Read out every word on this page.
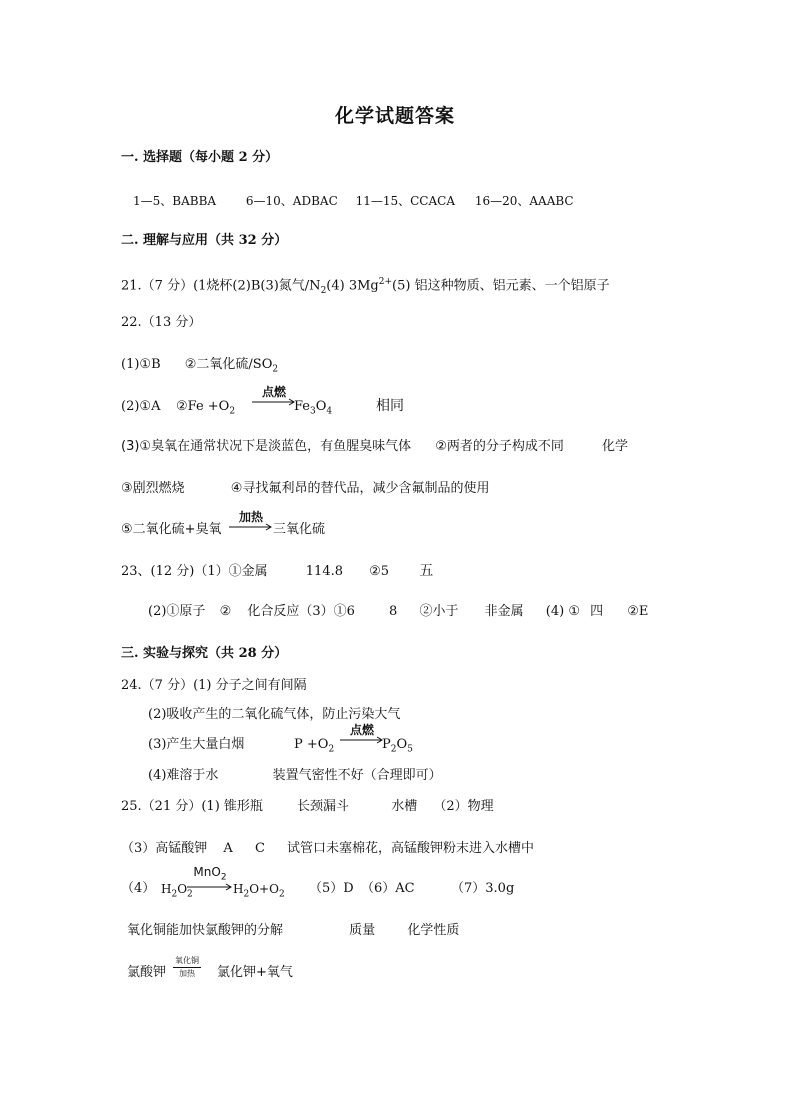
化学试题答案
一. 选择题（每小题 2 分）
1—5、BABBA 6—10、ADBAC 11—15、CCACA 16—20、AAABC
二. 理解与应用（共 32 分）
21.（7 分）(1烧杯(2)B(3)氮气$/N_2(4)$ $3Mg^{2+}(5)$ 铝这种物质、铝元素、一个铝原子
22.（13 分）
(1)①B ②二氧化硫$/SO_2$
(2)①A ②Fe $+O_2$
点燃
$Fe_3O_4$	相同
(3)①臭氧在通常状况下是淡蓝色，有鱼腥臭味气体 ②两者的分子构成不同	化学
③剧烈燃烧	④寻找氟利昂的替代品，减少含氟制品的使用
⑤二氧化硫+臭氧
加热
三氧化硫
23、(12 分)（1）①金属	114.8 ②5 五
(2)①原子 ② 化合反应（3）①6	8 ②小于 非金属 (4) ① 四 ②E
三. 实验与探究（共 28 分）
24.（7 分）(1) 分子之间有间隔
(2)吸收产生的二氧化硫气体，防止污染大气
(3)产生大量白烟	$P +O_2$
点燃
$P_2O_5$
(4)难溶于水	装置气密性不好（合理即可）
25.（21 分）(1) 锥形瓶	长颈漏斗	水槽 （2）物理
（3）高锰酸钾 A C 试管口未塞棉花，高锰酸钾粉末进入水槽中
（4） $H_2O_2$
MnO$_2$
$H_2O+O_2$ （5）D （6）AC	（7）3.0g
氧化铜能加快氯酸钾的分解	质量 化学性质
氯酸钾
氧化铜
加热	氯化钾+氧气
